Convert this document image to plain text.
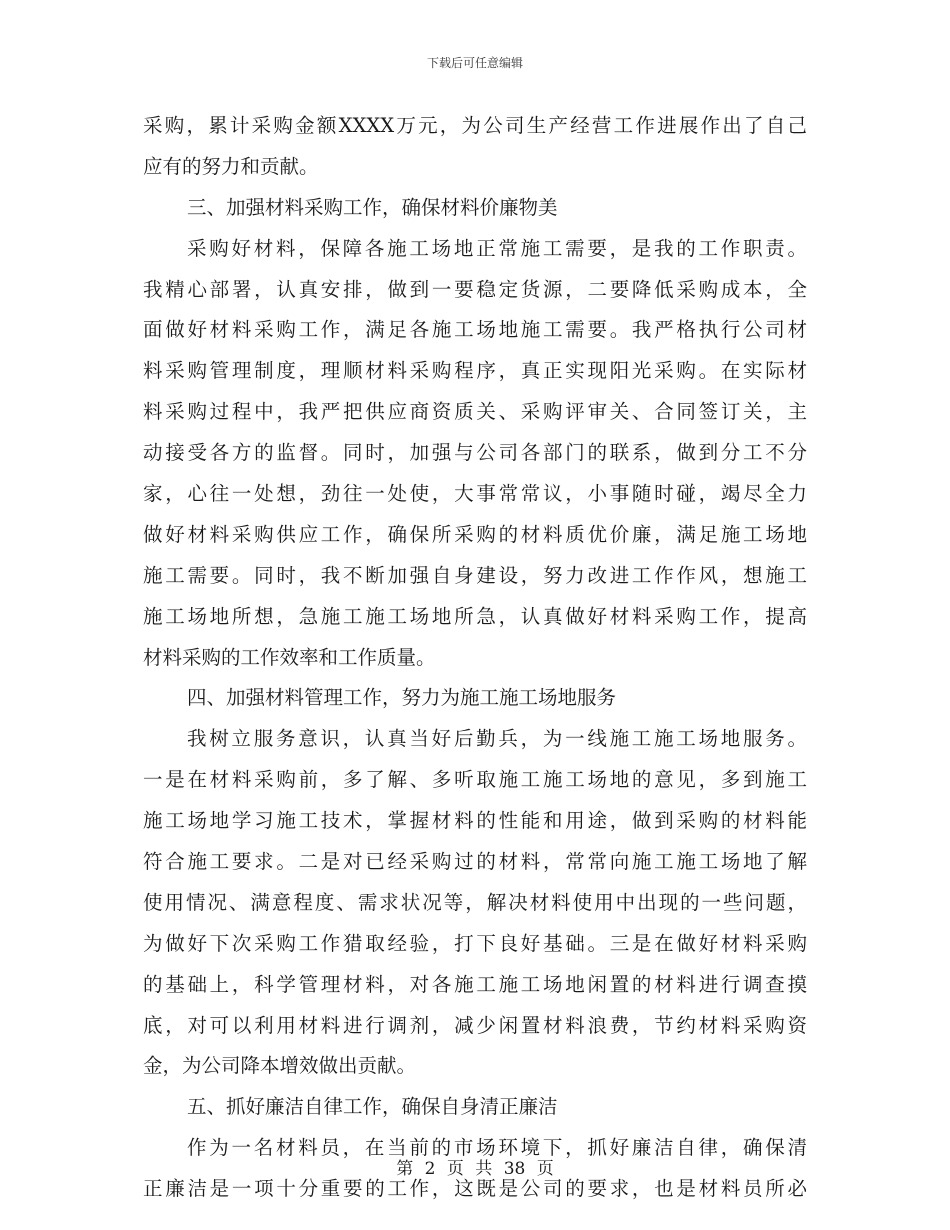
下载后可任意编辑
采购，累计采购金额XXXX万元，为公司生产经营工作进展作出了自己
应有的努力和贡献。
三、加强材料采购工作，确保材料价廉物美
采购好材料，保障各施工场地正常施工需要，是我的工作职责。
我精心部署，认真安排，做到一要稳定货源，二要降低采购成本，全
面做好材料采购工作，满足各施工场地施工需要。我严格执行公司材
料采购管理制度，理顺材料采购程序，真正实现阳光采购。在实际材
料采购过程中，我严把供应商资质关、采购评审关、合同签订关，主
动接受各方的监督。同时，加强与公司各部门的联系，做到分工不分
家，心往一处想，劲往一处使，大事常常议，小事随时碰，竭尽全力
做好材料采购供应工作，确保所采购的材料质优价廉，满足施工场地
施工需要。同时，我不断加强自身建设，努力改进工作作风，想施工
施工场地所想，急施工施工场地所急，认真做好材料采购工作，提高
材料采购的工作效率和工作质量。
四、加强材料管理工作，努力为施工施工场地服务
我树立服务意识，认真当好后勤兵，为一线施工施工场地服务。
一是在材料采购前，多了解、多听取施工施工场地的意见，多到施工
施工场地学习施工技术，掌握材料的性能和用途，做到采购的材料能
符合施工要求。二是对已经采购过的材料，常常向施工施工场地了解
使用情况、满意程度、需求状况等，解决材料使用中出现的一些问题，
为做好下次采购工作猎取经验，打下良好基础。三是在做好材料采购
的基础上，科学管理材料，对各施工施工场地闲置的材料进行调查摸
底，对可以利用材料进行调剂，减少闲置材料浪费，节约材料采购资
金，为公司降本增效做出贡献。
五、抓好廉洁自律工作，确保自身清正廉洁
作为一名材料员，在当前的市场环境下，抓好廉洁自律，确保清
正廉洁是一项十分重要的工作，这既是公司的要求，也是材料员所必
第 2 页 共 38 页
